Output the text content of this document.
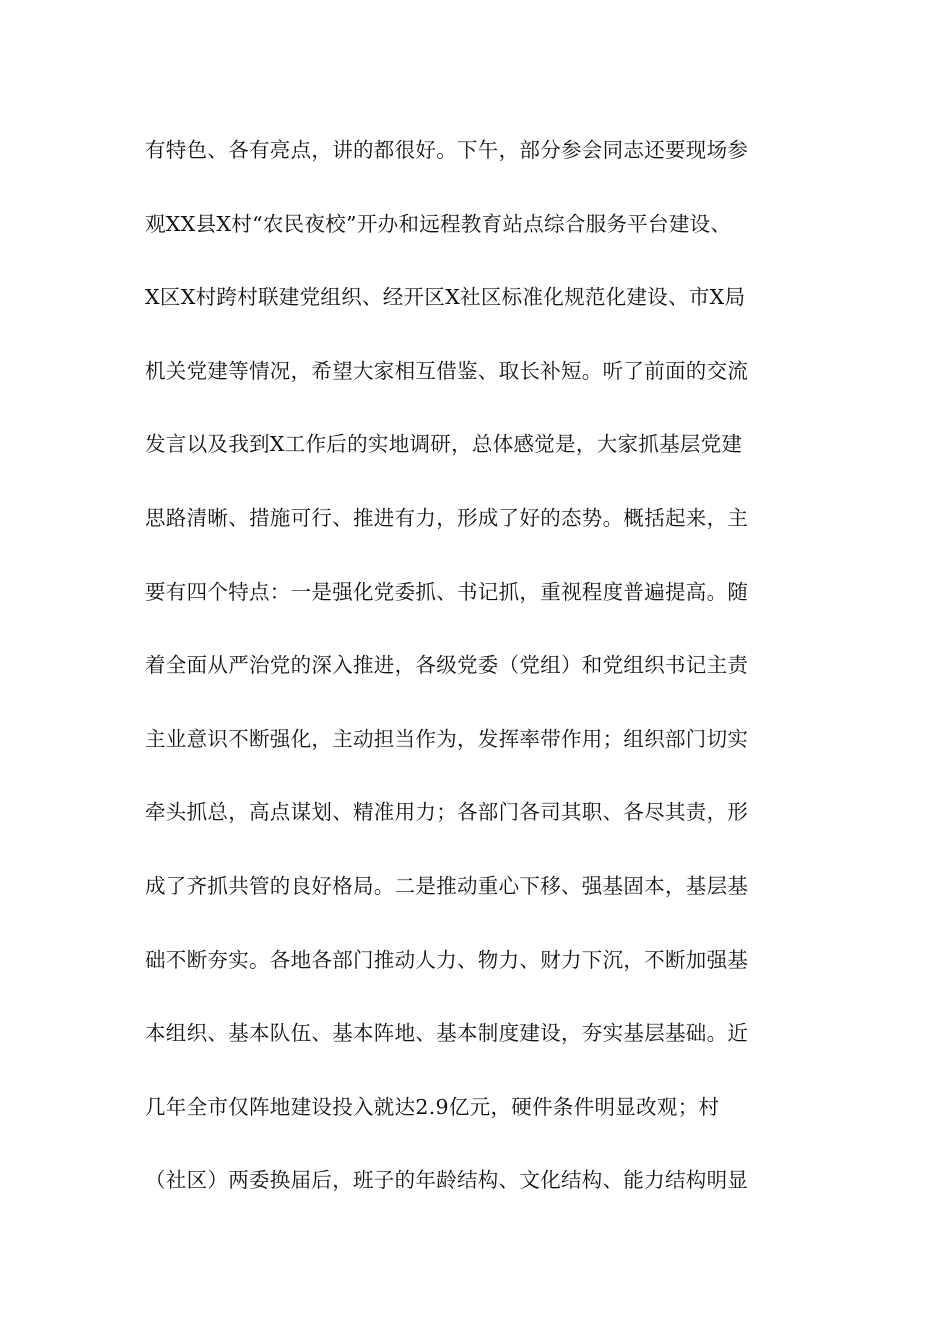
有特色、各有亮点，讲的都很好。下午，部分参会同志还要现场参
观XX县X村“农民夜校”开办和远程教育站点综合服务平台建设、
X区X村跨村联建党组织、经开区X社区标准化规范化建设、市X局
机关党建等情况，希望大家相互借鉴、取长补短。听了前面的交流
发言以及我到X工作后的实地调研，总体感觉是，大家抓基层党建
思路清晰、措施可行、推进有力，形成了好的态势。概括起来，主
要有四个特点：一是强化党委抓、书记抓，重视程度普遍提高。随
着全面从严治党的深入推进，各级党委（党组）和党组织书记主责
主业意识不断强化，主动担当作为，发挥率带作用；组织部门切实
牵头抓总，高点谋划、精准用力；各部门各司其职、各尽其责，形
成了齐抓共管的良好格局。二是推动重心下移、强基固本，基层基
础不断夯实。各地各部门推动人力、物力、财力下沉，不断加强基
本组织、基本队伍、基本阵地、基本制度建设，夯实基层基础。近
几年全市仅阵地建设投入就达2.9亿元，硬件条件明显改观；村
（社区）两委换届后，班子的年龄结构、文化结构、能力结构明显
